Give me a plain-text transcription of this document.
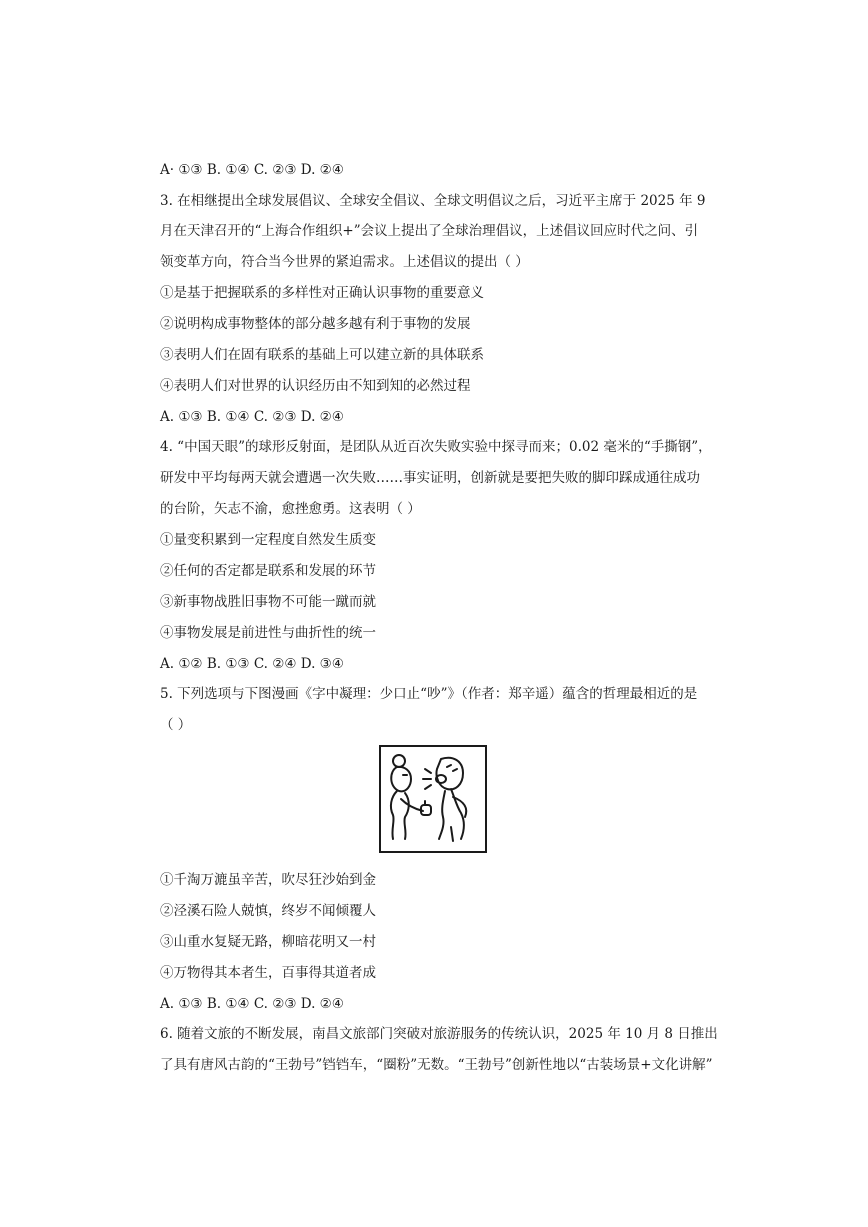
A· ①③ B. ①④ C. ②③ D. ②④
3. 在相继提出全球发展倡议、全球安全倡议、全球文明倡议之后，习近平主席于 2025 年 9
月在天津召开的“上海合作组织+”会议上提出了全球治理倡议，上述倡议回应时代之问、引
领变革方向，符合当今世界的紧迫需求。上述倡议的提出（ ）
①是基于把握联系的多样性对正确认识事物的重要意义
②说明构成事物整体的部分越多越有利于事物的发展
③表明人们在固有联系的基础上可以建立新的具体联系
④表明人们对世界的认识经历由不知到知的必然过程
A. ①③ B. ①④ C. ②③ D. ②④
4. “中国天眼”的球形反射面，是团队从近百次失败实验中探寻而来；0.02 毫米的“手撕钢”，
研发中平均每两天就会遭遇一次失败……事实证明，创新就是要把失败的脚印踩成通往成功
的台阶，矢志不渝，愈挫愈勇。这表明（ ）
①量变积累到一定程度自然发生质变
②任何的否定都是联系和发展的环节
③新事物战胜旧事物不可能一蹴而就
④事物发展是前进性与曲折性的统一
A. ①② B. ①③ C. ②④ D. ③④
5. 下列选项与下图漫画《字中凝理：少口止“吵”》（作者：郑辛遥）蕴含的哲理最相近的是
（ ）
①千淘万漉虽辛苦，吹尽狂沙始到金
②泾溪石险人兢慎，终岁不闻倾覆人
③山重水复疑无路，柳暗花明又一村
④万物得其本者生，百事得其道者成
A. ①③ B. ①④ C. ②③ D. ②④
6. 随着文旅的不断发展，南昌文旅部门突破对旅游服务的传统认识，2025 年 10 月 8 日推出
了具有唐风古韵的“王勃号”铛铛车，“圈粉”无数。“王勃号”创新性地以“古装场景+文化讲解”
